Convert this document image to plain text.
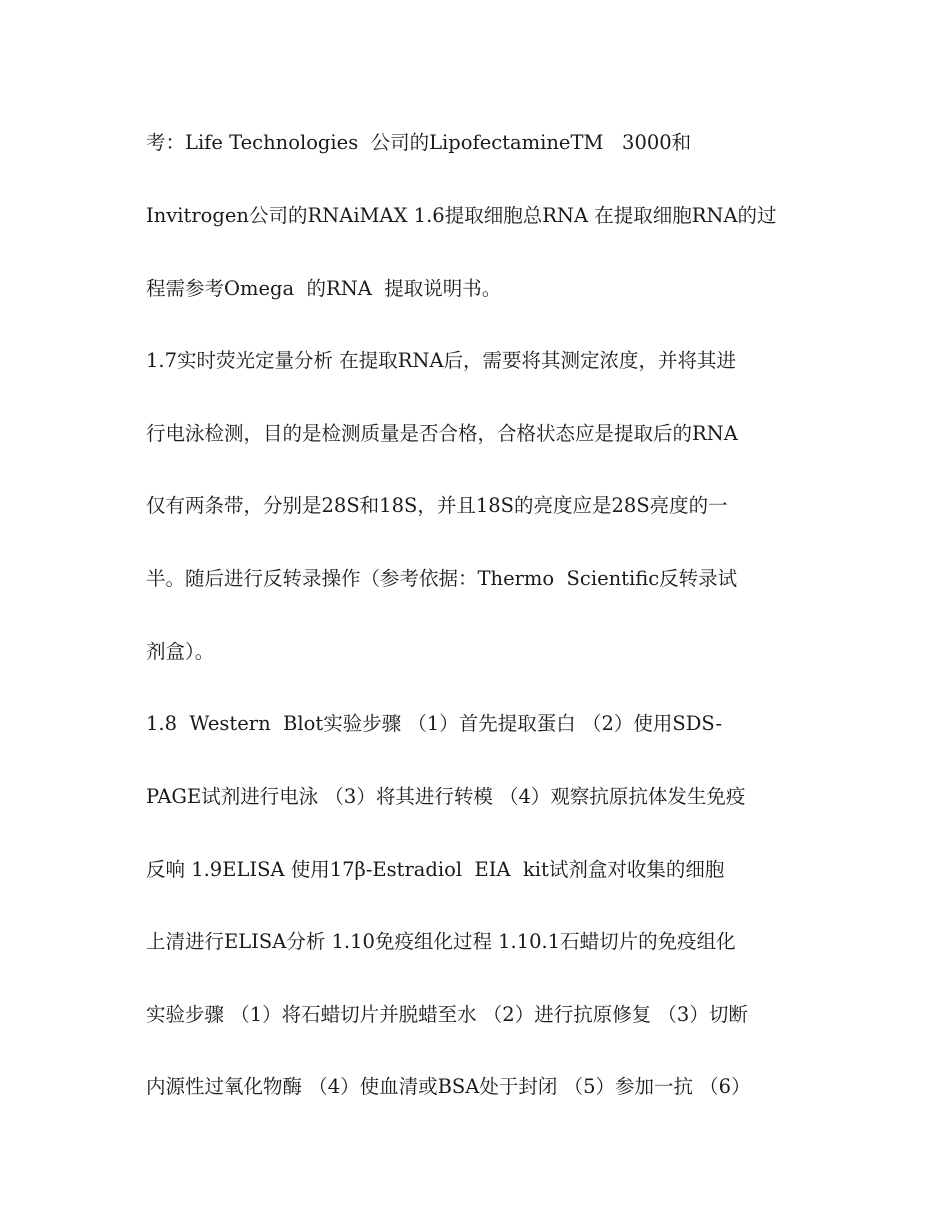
考：Life Technologies  公司的LipofectamineTM   3000和
Invitrogen公司的RNAiMAX 1.6提取细胞总RNA 在提取细胞RNA的过
程需参考Omega  的RNA  提取说明书。
1.7实时荧光定量分析 在提取RNA后，需要将其测定浓度，并将其进
行电泳检测，目的是检测质量是否合格，合格状态应是提取后的RNA
仅有两条带，分别是28S和18S，并且18S的亮度应是28S亮度的一
半。随后进行反转录操作（参考依据：Thermo  Scientific反转录试
剂盒）。
1.8  Western  Blot实验步骤 （1）首先提取蛋白 （2）使用SDS-
PAGE试剂进行电泳 （3）将其进行转模 （4）观察抗原抗体发生免疫
反响 1.9ELISA 使用17β-Estradiol  EIA  kit试剂盒对收集的细胞
上清进行ELISA分析 1.10免疫组化过程 1.10.1石蜡切片的免疫组化
实验步骤 （1）将石蜡切片并脱蜡至水 （2）进行抗原修复 （3）切断
内源性过氧化物酶 （4）使血清或BSA处于封闭 （5）参加一抗 （6）
